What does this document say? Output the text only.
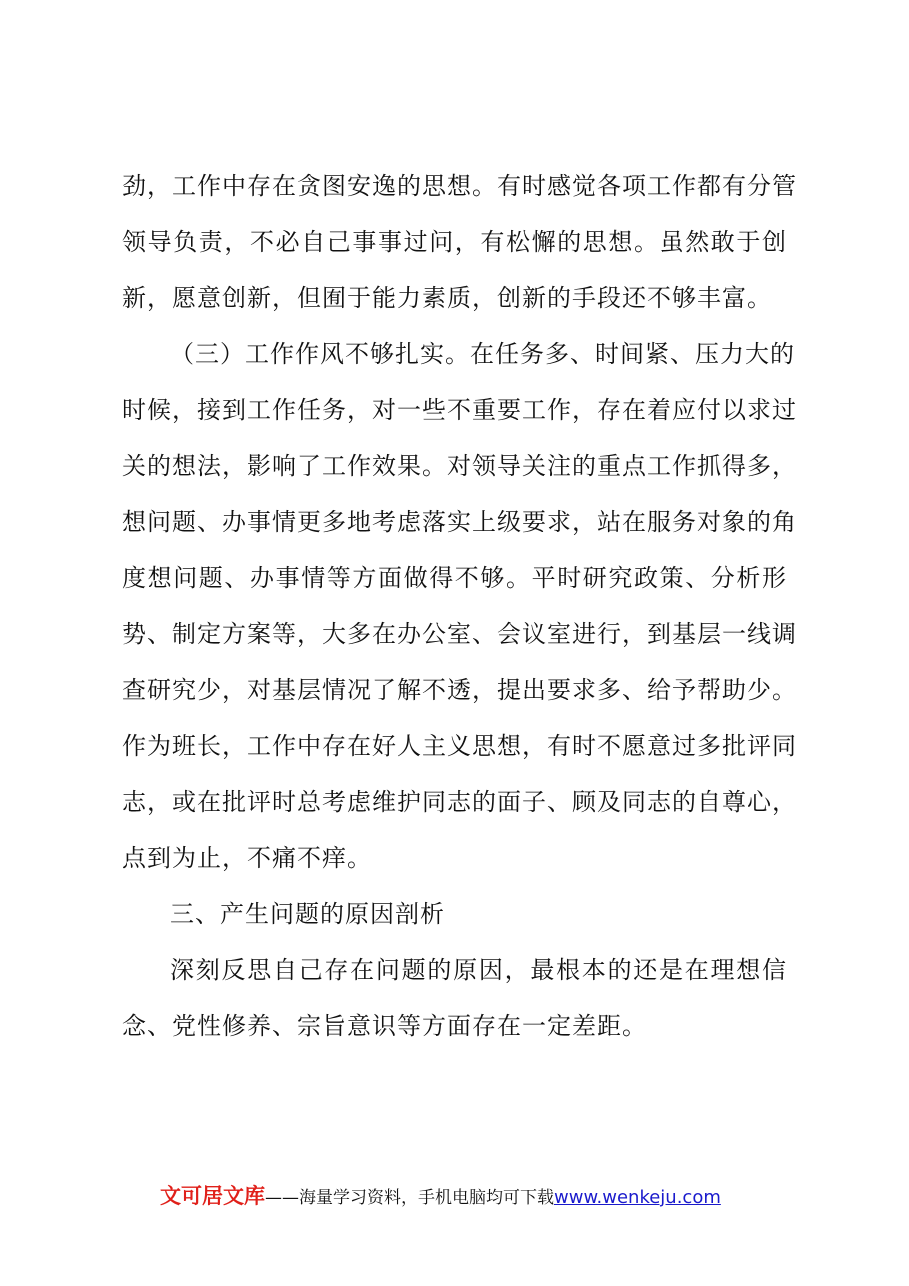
劲，工作中存在贪图安逸的思想。有时感觉各项工作都有分管
领导负责，不必自己事事过问，有松懈的思想。虽然敢于创
新，愿意创新，但囿于能力素质，创新的手段还不够丰富。
（三）工作作风不够扎实。在任务多、时间紧、压力大的
时候，接到工作任务，对一些不重要工作，存在着应付以求过
关的想法，影响了工作效果。对领导关注的重点工作抓得多，
想问题、办事情更多地考虑落实上级要求，站在服务对象的角
度想问题、办事情等方面做得不够。平时研究政策、分析形
势、制定方案等，大多在办公室、会议室进行，到基层一线调
查研究少，对基层情况了解不透，提出要求多、给予帮助少。
作为班长，工作中存在好人主义思想，有时不愿意过多批评同
志，或在批评时总考虑维护同志的面子、顾及同志的自尊心，
点到为止，不痛不痒。
三、产生问题的原因剖析
深刻反思自己存在问题的原因，最根本的还是在理想信
念、党性修养、宗旨意识等方面存在一定差距。
文可居文库——海量学习资料，手机电脑均可下载www.wenkeju.com
